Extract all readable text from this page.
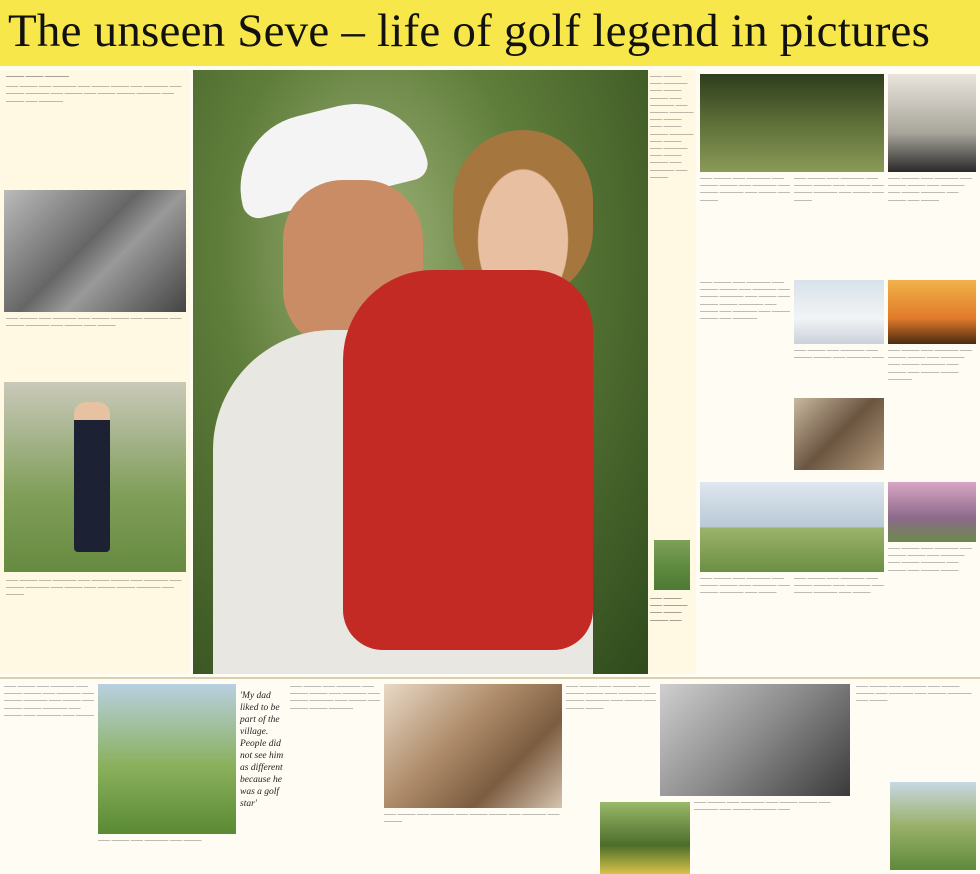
The unseen Seve – life of golf legend in pictures

——— ——— ————

—— ——— —— ———— —— ——— ——— —— ———— —— ——— ———— —— ——— —— ——— ——— ———— —— ——— —— ————

—— ——— —— ———— —— ——— ——— —— ———— —— ——— ———— —— ——— —— ———

—— ——— —— ———— —— ——— ——— —— ———— —— ——— ———— —— ——— —— ——— ——— ———— —— ———

—— ——— —— ———— —— ——— ——— —— ———— —— ——— ———— —— ——— —— ——— ——— ———— —— ——— —— ———— —— ——— ——— —— ———— —— ———

—— ——— —— ———— —— ——— ——— ——

—— ——— —— ———— —— ——— ——— —— ———— —— ——— ———— —— ——— —— ———

—— ——— —— ———— —— ——— ——— —— ———— —— ——— ———— —— ——— —— ———

—— ——— —— ———— —— ——— ——— —— ———— —— ——— ———— —— ——— —— ———

—— ——— —— ———— —— ——— ——— —— ———— —— ——— ———— —— ——— —— ——— ——— ———— —— ——— —— ———— —— ——— ——— —— ————

—— ——— —— ———— —— ——— ——— —— ———— ——

—— ——— —— ———— —— ——— ——— —— ———— —— ——— ———— —— ——— —— ——— ——— ————

—— ——— —— ———— —— ——— ——— —— ———— —— ——— ———— —— ———

—— ——— —— ———— —— ——— ——— —— ———— —— ——— ———— —— ———

—— ——— —— ———— —— ——— ——— —— ———— —— ——— ———— —— ——— —— ——— ———

—— ——— —— ———— —— ——— ——— —— ———— —— ——— ———— —— ——— —— ——— ——— ———— —— ——— —— ———— —— ———

—— ——— —— ———— —— ———

'My dad liked to be part of the village. People did not see him as different because he was a golf star'

—— ——— —— ———— —— ——— ——— —— ———— —— ——— ———— —— ——— —— ——— ——— ————

—— ——— —— ———— —— ——— ——— —— ———— —— ———

—— ——— —— ———— —— ——— ——— —— ———— —— ——— ———— —— ——— —— ——— ———

—— ——— —— ———— —— ——— ——— —— ———— —— ——— ———— ——

—— ——— —— ———— —— ——— ——— —— ———— —— ——— ———— —— ———
